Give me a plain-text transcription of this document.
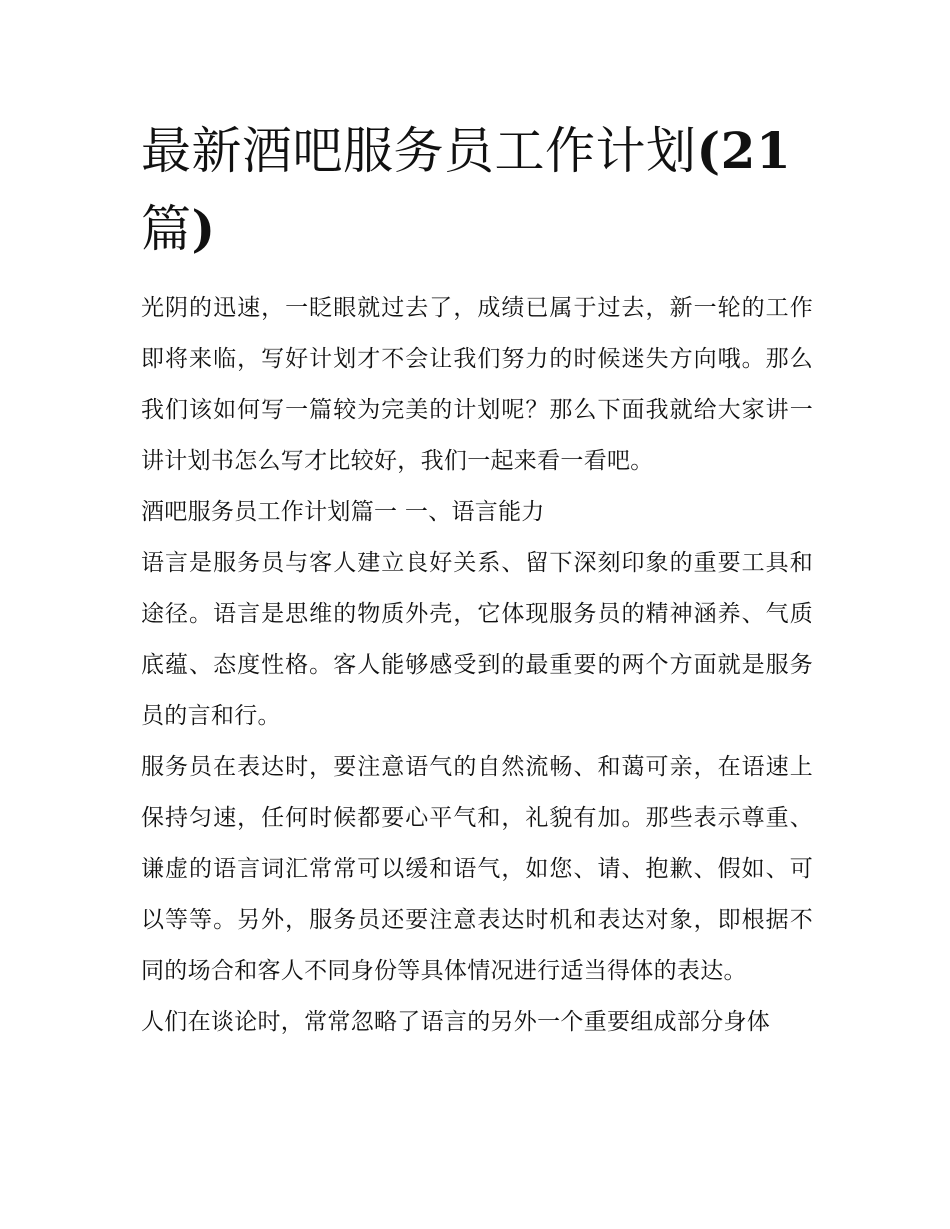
最新酒吧服务员工作计划(21
篇)

光阴的迅速，一眨眼就过去了，成绩已属于过去，新一轮的工作即将来临，写好计划才不会让我们努力的时候迷失方向哦。那么我们该如何写一篇较为完美的计划呢？那么下面我就给大家讲一讲计划书怎么写才比较好，我们一起来看一看吧。

酒吧服务员工作计划篇一 一、语言能力

语言是服务员与客人建立良好关系、留下深刻印象的重要工具和途径。语言是思维的物质外壳，它体现服务员的精神涵养、气质底蕴、态度性格。客人能够感受到的最重要的两个方面就是服务员的言和行。

服务员在表达时，要注意语气的自然流畅、和蔼可亲，在语速上保持匀速，任何时候都要心平气和，礼貌有加。那些表示尊重、谦虚的语言词汇常常可以缓和语气，如您、请、抱歉、假如、可以等等。另外，服务员还要注意表达时机和表达对象，即根据不同的场合和客人不同身份等具体情况进行适当得体的表达。

人们在谈论时，常常忽略了语言的另外一个重要组成部分身体
